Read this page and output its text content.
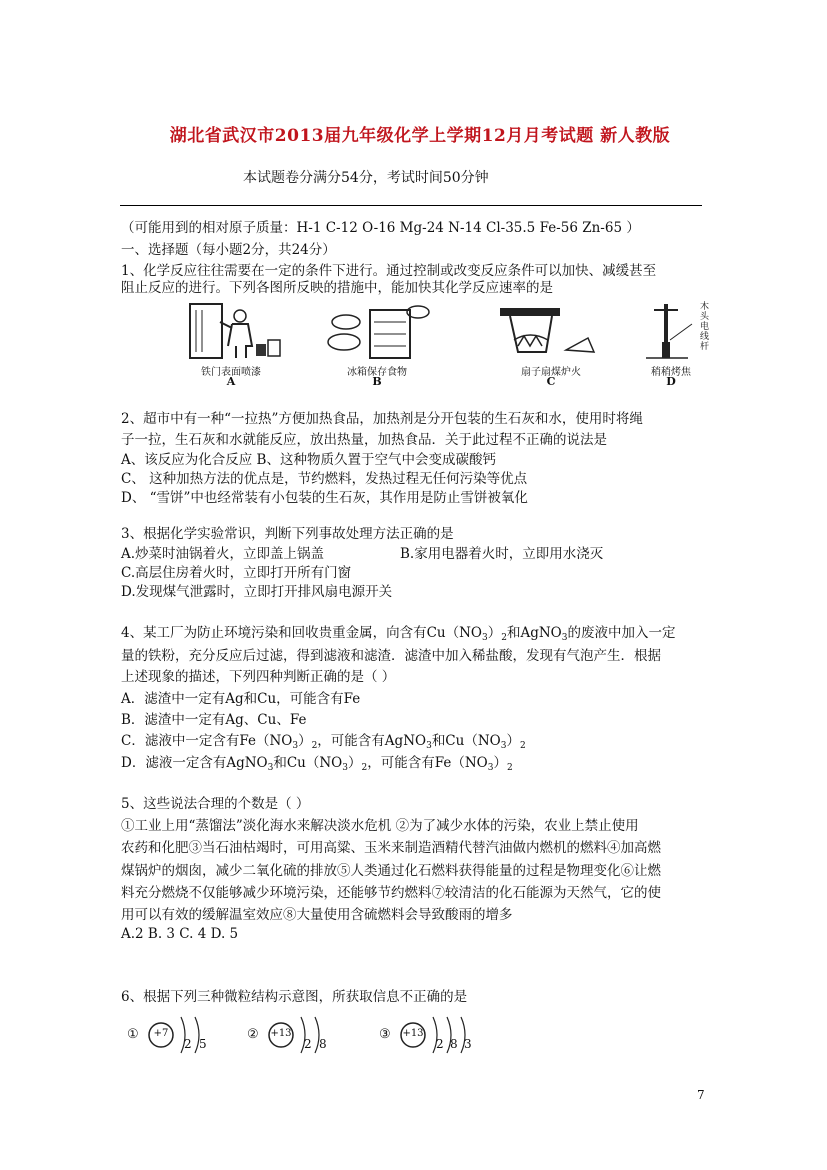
湖北省武汉市2013届九年级化学上学期12月月考试题 新人教版
本试题卷分满分54分，考试时间50分钟
（可能用到的相对原子质量：H-1 C-12 O-16 Mg-24 N-14 Cl-35.5 Fe-56 Zn-65 ）
一、选择题（每小题2分，共24分）
1、化学反应往往需要在一定的条件下进行。通过控制或改变反应条件可以加快、减缓甚至
阻止反应的进行。下列各图所反映的措施中，能加快其化学反应速率的是
铁门表面喷漆
A
冰箱保存食物
B
扇子扇煤炉火
C
木头电线杆
稍稍烤焦
D
2、超市中有一种“一拉热”方便加热食品，加热剂是分开包装的生石灰和水，使用时将绳
子一拉，生石灰和水就能反应，放出热量，加热食品．关于此过程不正确的说法是
A、该反应为化合反应 B、这种物质久置于空气中会变成碳酸钙
C、 这种加热方法的优点是，节约燃料，发热过程无任何污染等优点
D、 “雪饼”中也经常装有小包装的生石灰，其作用是防止雪饼被氧化
3、根据化学实验常识，判断下列事故处理方法正确的是
A.炒菜时油锅着火，立即盖上锅盖	B.家用电器着火时，立即用水浇灭
C.高层住房着火时，立即打开所有门窗
D.发现煤气泄露时，立即打开排风扇电源开关
4、某工厂为防止环境污染和回收贵重金属，向含有$Cu(NO_3)_2$和AgNO$_3$的废液中加入一定
量的铁粉，充分反应后过滤，得到滤液和滤渣．滤渣中加入稀盐酸，发现有气泡产生．根据
上述现象的描述，下列四种判断正确的是（ ）
A．滤渣中一定有Ag和Cu，可能含有Fe
B．滤渣中一定有Ag、Cu、Fe
C．滤液中一定含有$Fe(NO_3)_2$，可能含有AgNO$_3$和$Cu(NO_3)_2$
D．滤液一定含有AgNO$_3$和$Cu(NO_3)_2$，可能含有$Fe(NO_3)_2$
5、这些说法合理的个数是（ ）
①工业上用“蒸馏法”淡化海水来解决淡水危机 ②为了减少水体的污染，农业上禁止使用
农药和化肥③当石油枯竭时，可用高粱、玉米来制造酒精代替汽油做内燃机的燃料④加高燃
煤锅炉的烟囱，减少二氧化硫的排放⑤人类通过化石燃料获得能量的过程是物理变化⑥让燃
料充分燃烧不仅能够减少环境污染，还能够节约燃料⑦较清洁的化石能源为天然气，它的使
用可以有效的缓解温室效应⑧大量使用含硫燃料会导致酸雨的增多
A.2 B. 3 C. 4 D. 5
6、根据下列三种微粒结构示意图，所获取信息不正确的是
①	+7
2 5
② +13
2 8
③ +13
2 8 3
7
